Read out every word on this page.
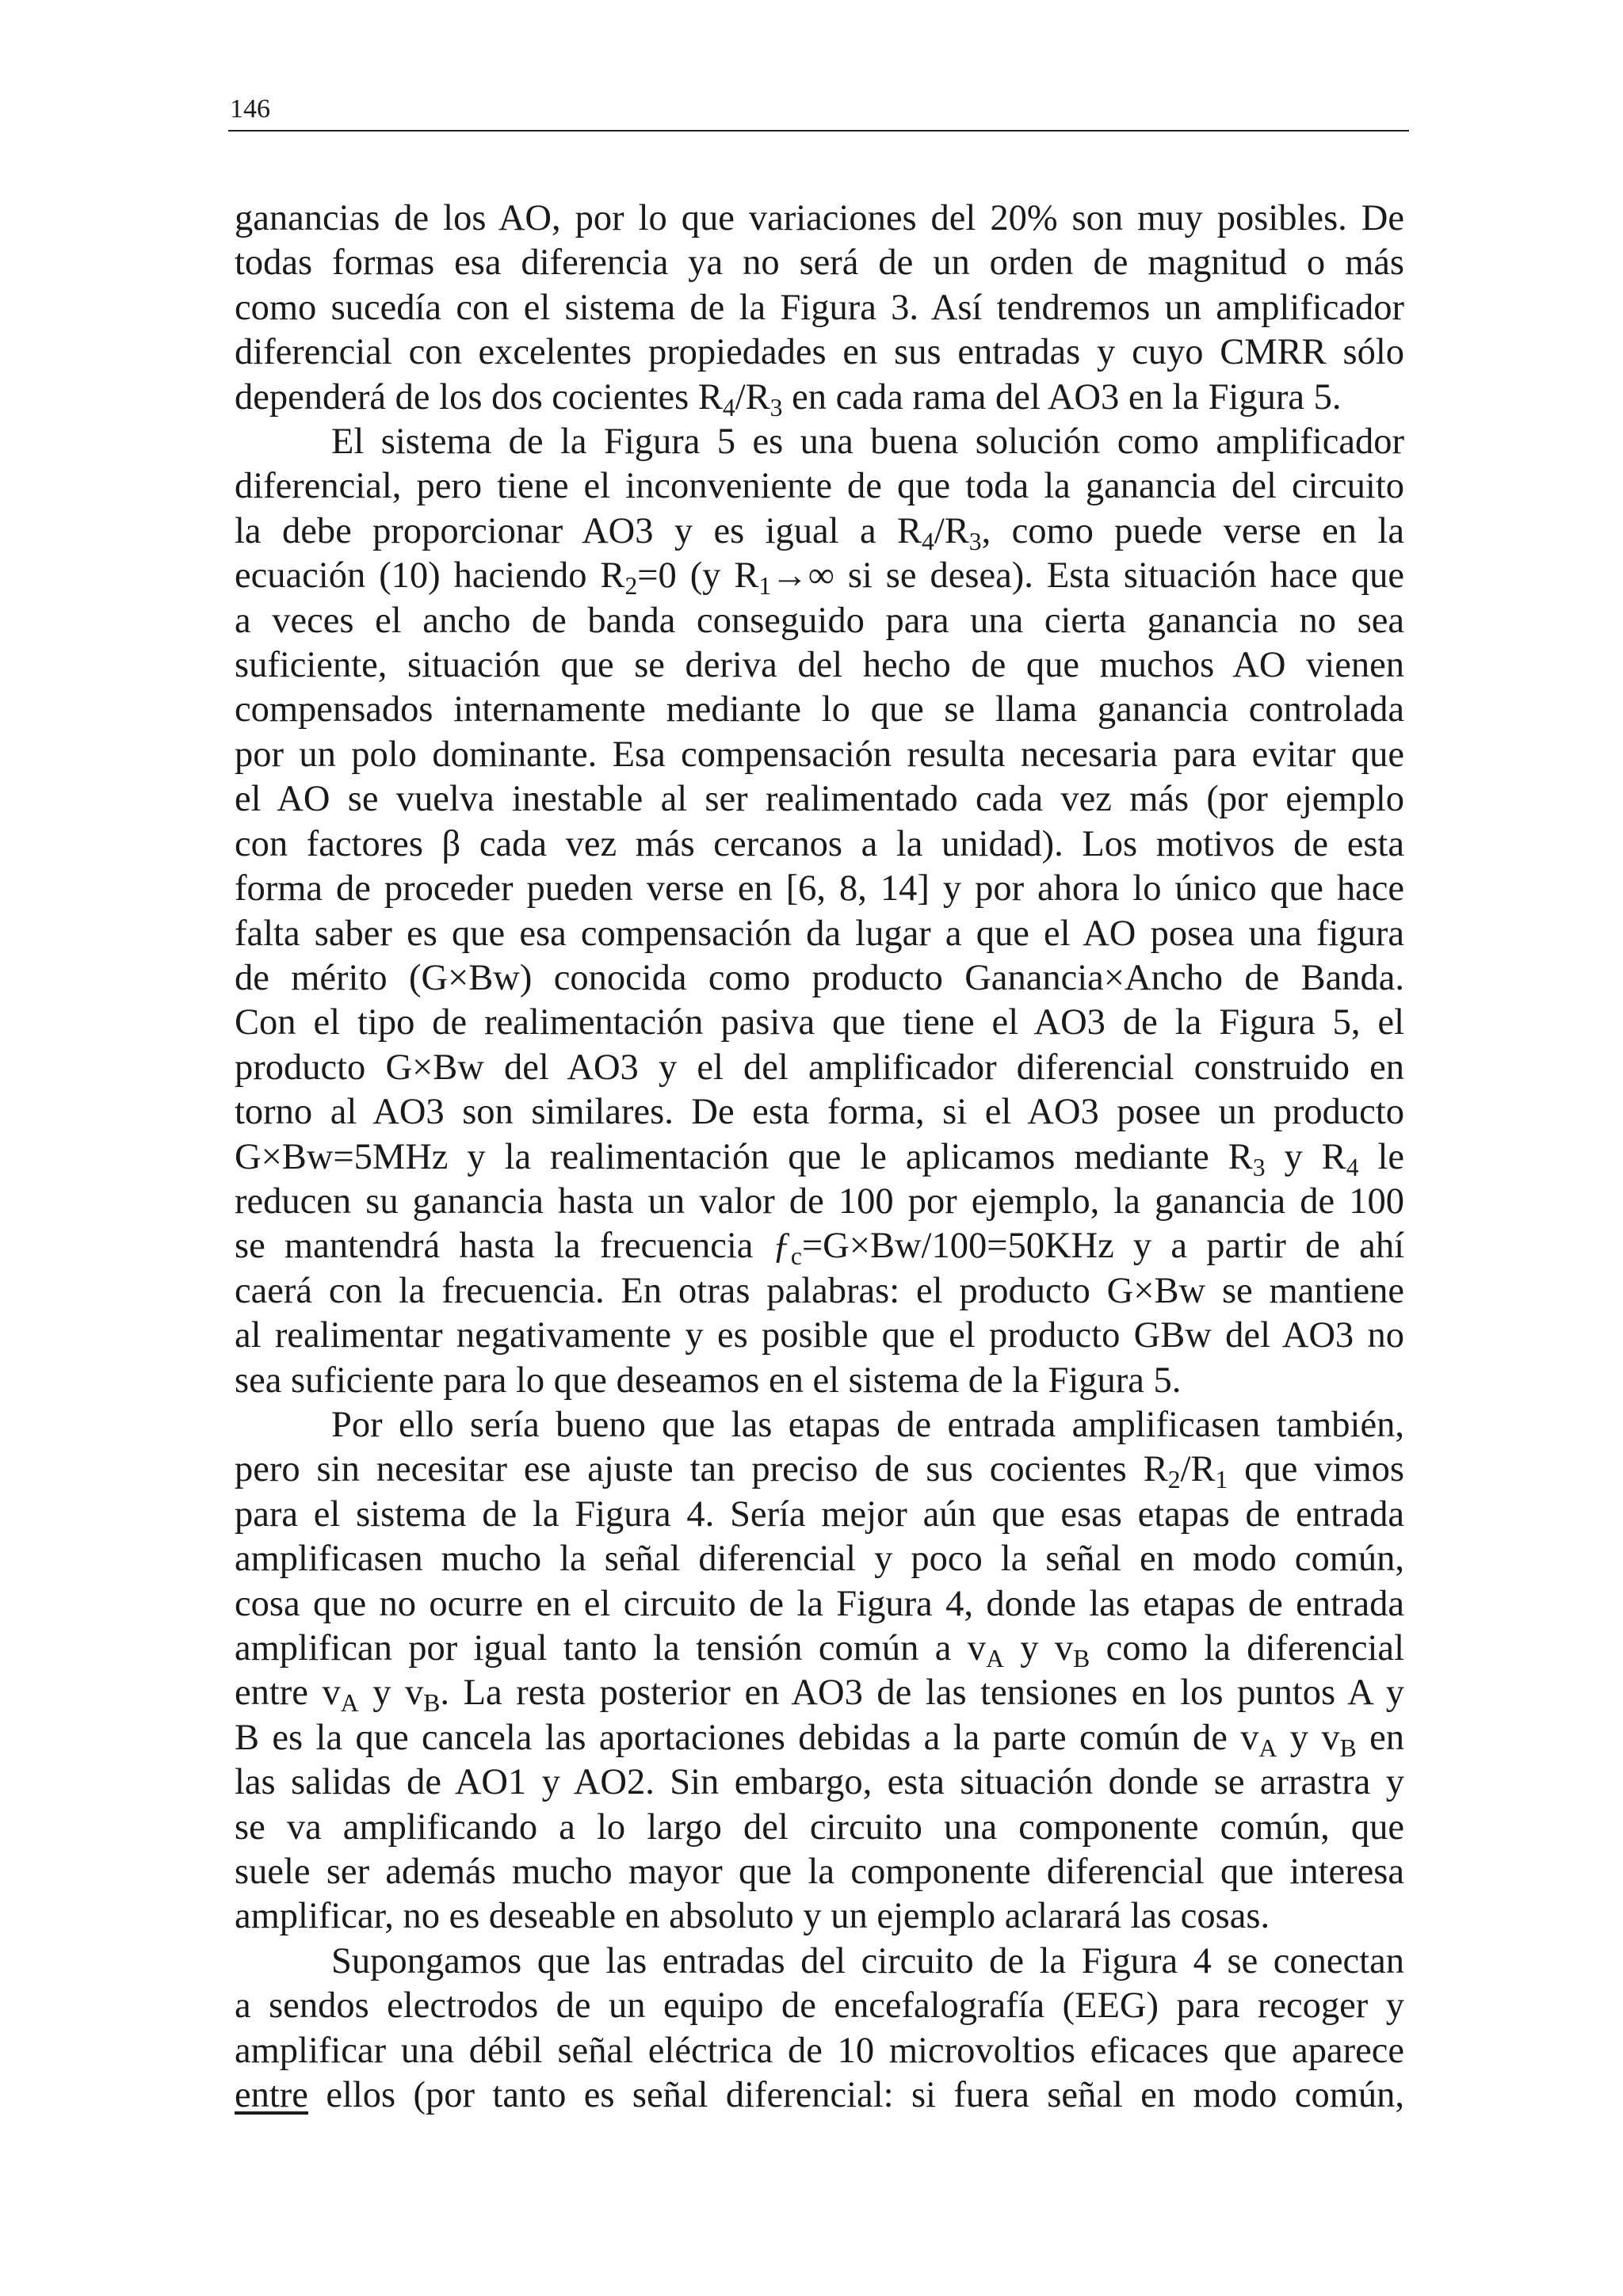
146
ganancias de los AO, por lo que variaciones del 20% son muy posibles. De
todas formas esa diferencia ya no será de un orden de magnitud o más
como sucedía con el sistema de la Figura 3. Así tendremos un amplificador
diferencial con excelentes propiedades en sus entradas y cuyo CMRR sólo
dependerá de los dos cocientes $R_4/R_3$ en cada rama del AO3 en la Figura 5.
El sistema de la Figura 5 es una buena solución como amplificador
diferencial, pero tiene el inconveniente de que toda la ganancia del circuito
la debe proporcionar AO3 y es igual a $R_4/R_3$, como puede verse en la
ecuación (10) haciendo $R_2=0$ (y $R_1\to\infty$ si se desea). Esta situación hace que
a veces el ancho de banda conseguido para una cierta ganancia no sea
suficiente, situación que se deriva del hecho de que muchos AO vienen
compensados internamente mediante lo que se llama ganancia controlada
por un polo dominante. Esa compensación resulta necesaria para evitar que
el AO se vuelva inestable al ser realimentado cada vez más (por ejemplo
con factores β cada vez más cercanos a la unidad). Los motivos de esta
forma de proceder pueden verse en [6, 8, 14] y por ahora lo único que hace
falta saber es que esa compensación da lugar a que el AO posea una figura
de mérito (G×Bw) conocida como producto Ganancia×Ancho de Banda.
Con el tipo de realimentación pasiva que tiene el AO3 de la Figura 5, el
producto G×Bw del AO3 y el del amplificador diferencial construido en
torno al AO3 son similares. De esta forma, si el AO3 posee un producto
G×Bw=5MHz y la realimentación que le aplicamos mediante $R_3$ y $R_4$ le
reducen su ganancia hasta un valor de 100 por ejemplo, la ganancia de 100
se mantendrá hasta la frecuencia $ƒ_c=G\times Bw/100=50KHz$ y a partir de ahí
caerá con la frecuencia. En otras palabras: el producto G×Bw se mantiene
al realimentar negativamente y es posible que el producto GBw del AO3 no
sea suficiente para lo que deseamos en el sistema de la Figura 5.
Por ello sería bueno que las etapas de entrada amplificasen también,
pero sin necesitar ese ajuste tan preciso de sus cocientes $R_2/R_1$ que vimos
para el sistema de la Figura 4. Sería mejor aún que esas etapas de entrada
amplificasen mucho la señal diferencial y poco la señal en modo común,
cosa que no ocurre en el circuito de la Figura 4, donde las etapas de entrada
amplifican por igual tanto la tensión común a $v_A$ y $v_B$ como la diferencial
entre $v_A$ y $v_B$. La resta posterior en AO3 de las tensiones en los puntos A y
B es la que cancela las aportaciones debidas a la parte común de $v_A$ y $v_B$ en
las salidas de AO1 y AO2. Sin embargo, esta situación donde se arrastra y
se va amplificando a lo largo del circuito una componente común, que
suele ser además mucho mayor que la componente diferencial que interesa
amplificar, no es deseable en absoluto y un ejemplo aclarará las cosas.
Supongamos que las entradas del circuito de la Figura 4 se conectan
a sendos electrodos de un equipo de encefalografía (EEG) para recoger y
amplificar una débil señal eléctrica de 10 microvoltios eficaces que aparece
entre ellos (por tanto es señal diferencial: si fuera señal en modo común,
